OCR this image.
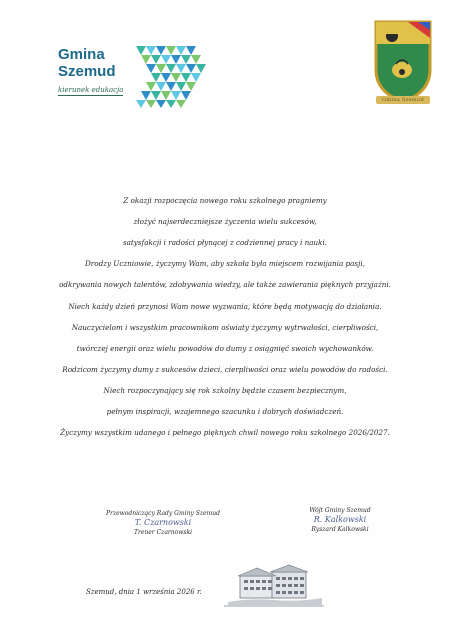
Gmina
Szemud
kierunek edukacja
Gmina Szemud
Z okazji rozpoczęcia nowego roku szkolnego pragniemy
złożyć najserdeczniejsze życzenia wielu sukcesów,
satysfakcji i radości płynącej z codziennej pracy i nauki.
Drodzy Uczniowie, życzymy Wam, aby szkoła była miejscem rozwijania pasji,
odkrywania nowych talentów, zdobywania wiedzy, ale także zawierania pięknych przyjaźni.
Niech każdy dzień przynosi Wam nowe wyzwania, które będą motywacją do działania.
Nauczycielom i wszystkim pracownikom oświaty życzymy wytrwałości, cierpliwości,
twórczej energii oraz wielu powodów do dumy z osiągnięć swoich wychowanków.
Rodzicom życzymy dumy z sukcesów dzieci, cierpliwości oraz wielu powodów do radości.
Niech rozpoczynający się rok szkolny będzie czasem bezpiecznym,
pełnym inspiracji, wzajemnego szacunku i dobrych doświadczeń.
Życzymy wszystkim udanego i pełnego pięknych chwil nowego roku szkolnego 2026/2027.
Przewodniczący Rady Gminy Szemud
T. Czarnowski
Trener Czarnowski
Wójt Gminy Szemud
R. Kalkowski
Ryszard Kalkowski
Szemud, dnia 1 września 2026 r.
